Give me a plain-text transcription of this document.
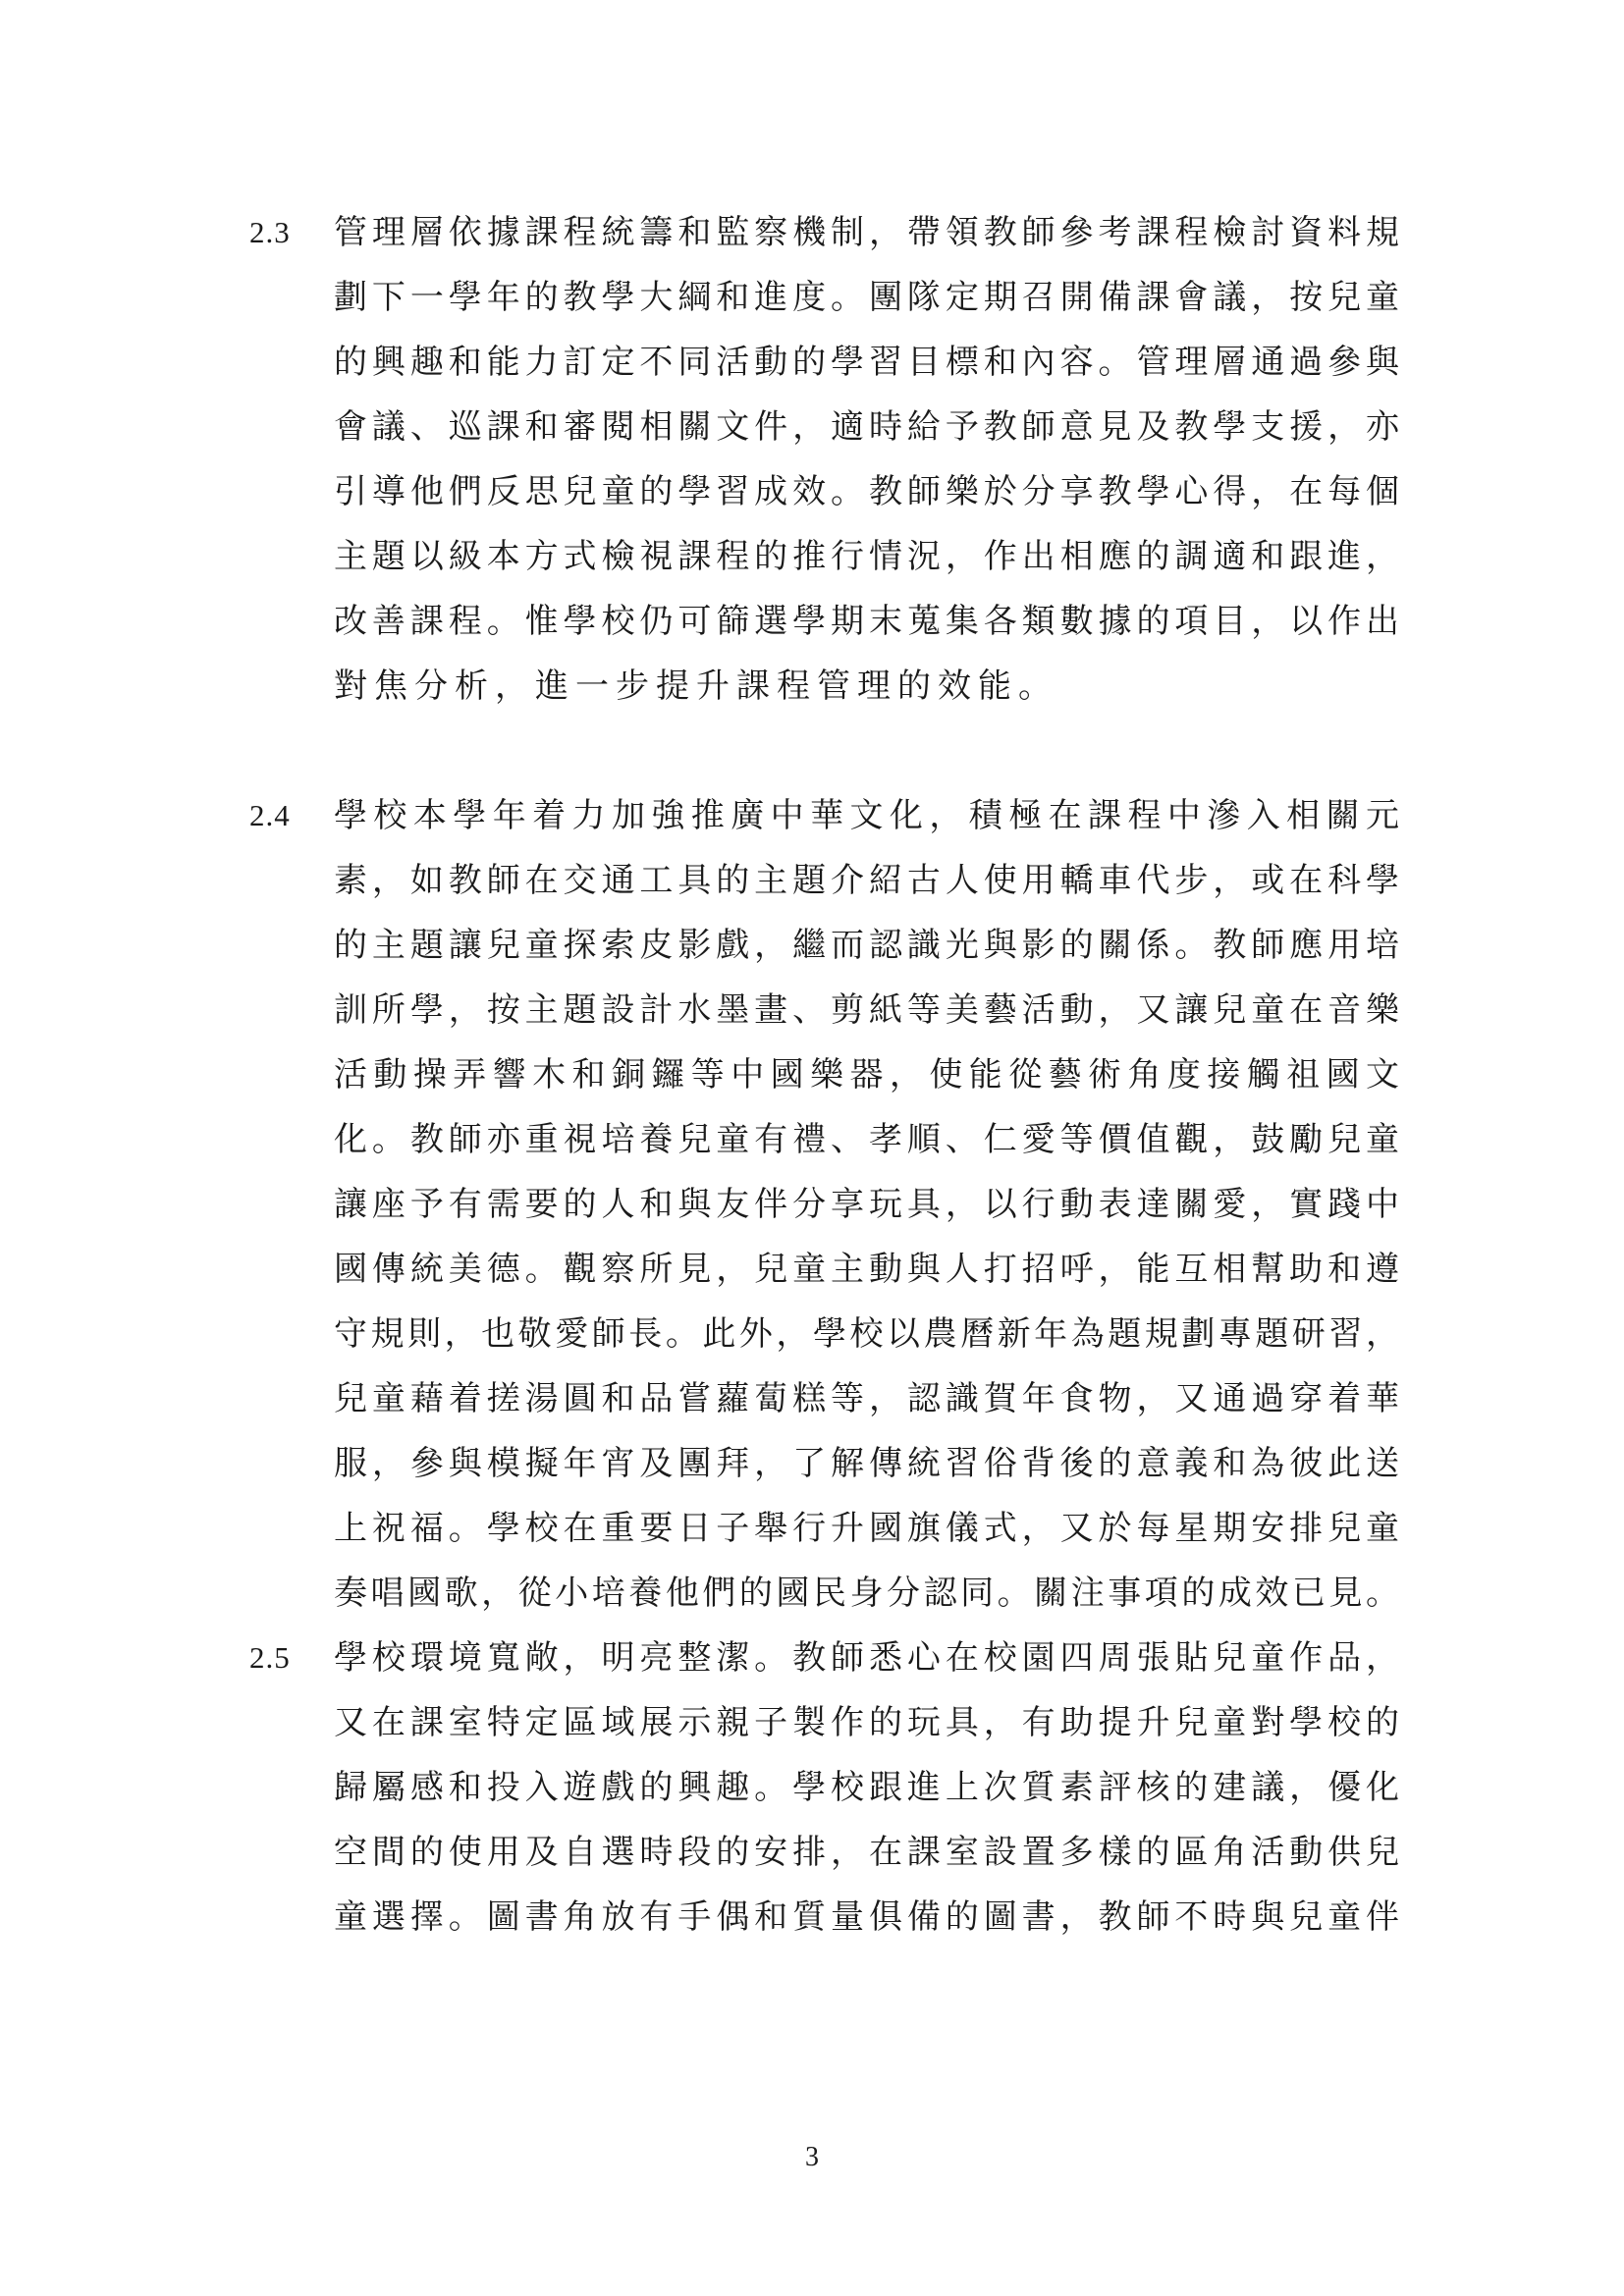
2.3 管理層依據課程統籌和監察機制，帶領教師參考課程檢討資料規
劃下一學年的教學大綱和進度。團隊定期召開備課會議，按兒童
的興趣和能力訂定不同活動的學習目標和內容。管理層通過參與
會議、巡課和審閱相關文件，適時給予教師意見及教學支援，亦
引導他們反思兒童的學習成效。教師樂於分享教學心得，在每個
主題以級本方式檢視課程的推行情況，作出相應的調適和跟進，
改善課程。惟學校仍可篩選學期末蒐集各類數據的項目，以作出
對焦分析，進一步提升課程管理的效能。
2.4 學校本學年着力加強推廣中華文化，積極在課程中滲入相關元
素，如教師在交通工具的主題介紹古人使用轎車代步，或在科學
的主題讓兒童探索皮影戲，繼而認識光與影的關係。教師應用培
訓所學，按主題設計水墨畫、剪紙等美藝活動，又讓兒童在音樂
活動操弄響木和銅鑼等中國樂器，使能從藝術角度接觸祖國文
化。教師亦重視培養兒童有禮、孝順、仁愛等價值觀，鼓勵兒童
讓座予有需要的人和與友伴分享玩具，以行動表達關愛，實踐中
國傳統美德。觀察所見，兒童主動與人打招呼，能互相幫助和遵
守規則，也敬愛師長。此外，學校以農曆新年為題規劃專題研習，
兒童藉着搓湯圓和品嘗蘿蔔糕等，認識賀年食物，又通過穿着華
服，參與模擬年宵及團拜，了解傳統習俗背後的意義和為彼此送
上祝福。學校在重要日子舉行升國旗儀式，又於每星期安排兒童
奏唱國歌，從小培養他們的國民身分認同。關注事項的成效已見。
2.5 學校環境寬敞，明亮整潔。教師悉心在校園四周張貼兒童作品，
又在課室特定區域展示親子製作的玩具，有助提升兒童對學校的
歸屬感和投入遊戲的興趣。學校跟進上次質素評核的建議，優化
空間的使用及自選時段的安排，在課室設置多樣的區角活動供兒
童選擇。圖書角放有手偶和質量俱備的圖書，教師不時與兒童伴
3
